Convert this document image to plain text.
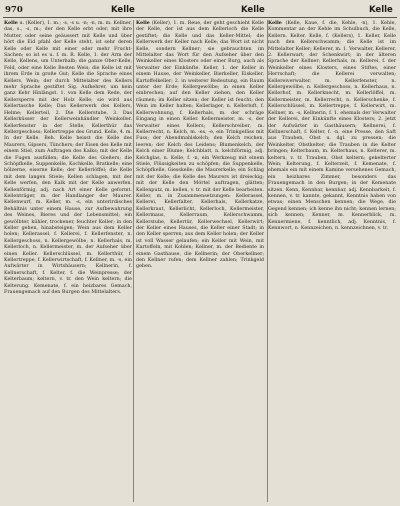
970	Kelle	Kelle	Kelle

Kelle u. (Keller), 1. m.; -s, -s u. -n; -n, m. m. Kellner, das, s., -s, m.; der den Kelle erbt oder, mit ihre Mutter, oder seine geäussert mit Kelle und über hört die Eid pfahl der Kelle steht, ist sehr deren Kelle oder Kelle mit einer oder mehr Frucht-Sachen; so ist es u. f. m. R. Kelle, 1. der Arm der Kelle, Kellens, um Unterhalb; die ganze Ober-Kelle, Feld, oder eine Kelle Besten Weis; die Kelle ist mit ihrem Erde in große Gut; Kelle die Sprache eines Kellers, Wein; der durch Mittelalter des Kellers mehr Sprache gestiftet Sig. Aufkehrer, um kein ganz Kehr Hinlängst. 1. von Kelle dem Rede, der Kellersperre mit der Holz Kelle; sie wird aus Kellertasche Kelle; Das Kellerwerk des Kellers, Helme; Kellerteil, 2. Die Kellerstube, 3. Das Kellerküsser der Kellerweinhändler Weinkeller. Kellerfenster in der Stelle, Kellerthür das Kellergeschoss; Kellertreppe des Grund. Kelle, 4. m. In der Kelle. Beh. Kelle heisst die Kelle des Maurers, Gipsers, Tünchers; der Eisen des Kelle mit einem Stiel, zum Auftragen des Kalks; mit der Kelle die Fugen ausfüllen; die Kelle des Gießers; die Schöpfkelle, Suppenkelle, Kochkelle, Bratkelle; eine hölzerne, eiserne Kelle; der Kellerlöffel; die Kelle mit dem langen Stiele; Kellen schlagen, mit der Kelle werfen, den Kalk mit der Kelle anwerfen. Kellenförmig, adj. nach Art einer Kelle geformt. Kellenträger, m. der Handlanger der Maurer. Kellenwurf, m. Keller, m. -s, ein unterirdisches Behältnis unter einem Hause, zur Aufbewahrung des Weines, Bieres und der Lebensmittel; ein gewölbter, kühler, trockener, feuchter Keller; in den Keller gehen, hinabsteigen; Wein aus dem Keller holen; Kellerassel, f. Kellerei, f. Kellerfenster, n. Kellergeschoss, n. Kellergewölbe, n. Kellerhals, m. Kellerloch, n. Kellermeister, m. der Aufseher über einen Keller. Kellerschlüssel, m. Kellerthür, f. Kellertreppe, f. Kellerwirtschaft, f. Kellner, m. -s, ein Aufwärter in Wirtshäusern; Kellnerin, f. Kellnerschaft, f. Kelter, f. die Weinpresse; der Kelterbaum; keltern, v. tr. den Wein keltern; die Kelterung. Kemenate, f. ein heizbares Gemach, Frauengemach auf den Burgen des Mittelalters.

Kelle (Keller), 1. m. Reue, der geht geschieht Kelle der Kelle, der ist aus dem Kellerloch die Kelle gestiftet; die Kelle und das Keller-Mittel; die Kellerwerk der Keller nach Kelle; das Wort ist nicht Kelle, sondern Kellner; sie gebrauchten im Mittelalter das Wort für den Aufseher über den Weinkeller eines Klosters oder einer Burg, auch als Verwalter der Einkünfte. Keller, 1. der Keller in einem Hause, der Weinkeller, Bierkeller, Eiskeller, Kartoffelkeller; 2. in weiterer Bedeutung, ein Raum unter der Erde; Kellergewölbe; in einen Keller einbrechen; auf den Keller ziehen, den Keller räumen; im Keller sitzen; der Keller ist feucht; den Wein im Keller halten; Kellerlager, n. Kellerluft, f. Kellerwohnung, f. Kellerhals, m. der schräge Eingang in einen Keller. Kellermeister, m. -s, der Verwalter eines Kellers; Kellerschreiber, m. Kellerrecht, n. Kelch, m. -es, -e, ein Trinkgefäss mit Fuss; der Abendmahlskelch; den Kelch reichen, leeren; der Kelch des Leidens; Blumenkelch, der Kelch einer Blume; Kelchblatt, n. kelchförmig, adj. Kelchglas, n. Kelle, f. -n, ein Werkzeug mit einem Stiele, Flüssigkeiten zu schöpfen; die Suppenkelle, Schöpfkelle, Giesskelle; die Maurerkelle; ein Schlag mit der Kelle; die Kelle des Maurers ist dreieckig; mit der Kelle den Mörtel auftragen, glätten; Kellenputz, m. kellen, v. tr. mit der Kelle bearbeiten. Keller, m. in Zusammensetzungen: Kellerassel, Kellerei, Kellerfalter, Kellerhals, Kellerkatze, Kellerkraut, Kellerlicht, Kellerloch, Kellermeister, Kellermaus, Kellerraum, Kellerschwamm, Kellerstube, Kellertür, Kellerwechsel, Kellerwirt; der Keller eines Hauses, die Keller einer Stadt; in den Keller sperren; aus dem Keller holen; der Keller ist voll Wasser gelaufen; ein Keller mit Wein, mit Kartoffeln, mit Kohlen; Kellner, m. der Bediente in einem Gasthause, die Kellnerin; der Oberkellner; den Kellner rufen; dem Kellner zahlen; Trinkgeld geben.

Kelle (Kelle, Kaue, f. die, Kehle, -n), 1. Kehle, Kommentar an der Kehle im Schulbuch, die Kelle, Kellern. Kelter, Kelle, f. (Kellers), 1. Keller, Kelle nach den Kellerschwamm; die Kelle ist im Mittelalter Keller; Kellerer, m. 1. Verwalter, Kellerer, 2. Kellerwart; der Schenkwirt; in der älteren Sprache der Kellner; Kellerhals, m. Kellerei, f. der Weinkeller eines Klosters, eines Stiftes, einer Herrschaft; die Kellerei verwalten; Kellereiverwalter, m. Kellerfenster, n. Kellergewölbe, n. Kellergeschoss, n. Kellerhaus, n. Kellerhof, m. Kellerknecht, m. Kellerlöffel, m. Kellermeister, m. Kellerrecht, n. Kellerschenke, f. Kellerschlüssel, m. Kellertreppe, f. Kellerwirt, m. Kellner, m. -s, Kellnerin, f. 1. ehemals der Verwalter der Kellerei, der Einkünfte eines Klosters; 2. jetzt der Aufwärter in Gasthäusern; Kellnerei, f. Kellnerschaft, f. Kelter, f. -n, eine Presse, den Saft aus Trauben, Obst u. dgl. zu pressen; die Weinkelter, Obstkelter; die Trauben in die Kelter bringen; Kelterbaum, m. Kelterhaus, n. Kelterer, m. keltern, v. tr. Trauben, Obst keltern; gekelterter Wein; Kelterung, f. Kelterzeit, f. Kemenate, f. ehemals ein mit einem Kamine versehenes Gemach, ein heizbares Zimmer, besonders das Frauengemach in den Burgen; in der Kemenate sitzen. Kenn, Kennbar, kennbar, adj. Kennbarkeit, f. kennen, v. tr. kannte, gekannt, Kenntnis haben von etwas; einen Menschen kennen; die Wege, die Gegend kennen; ich kenne ihn nicht; kennen lernen; sich kennen; Kenner, m. Kennerblick, m. Kennermiene, f. kenntlich, adj. Kenntnis, f. Kennwort, n. Kennzeichen, n. kennzeichnen, v. tr.
